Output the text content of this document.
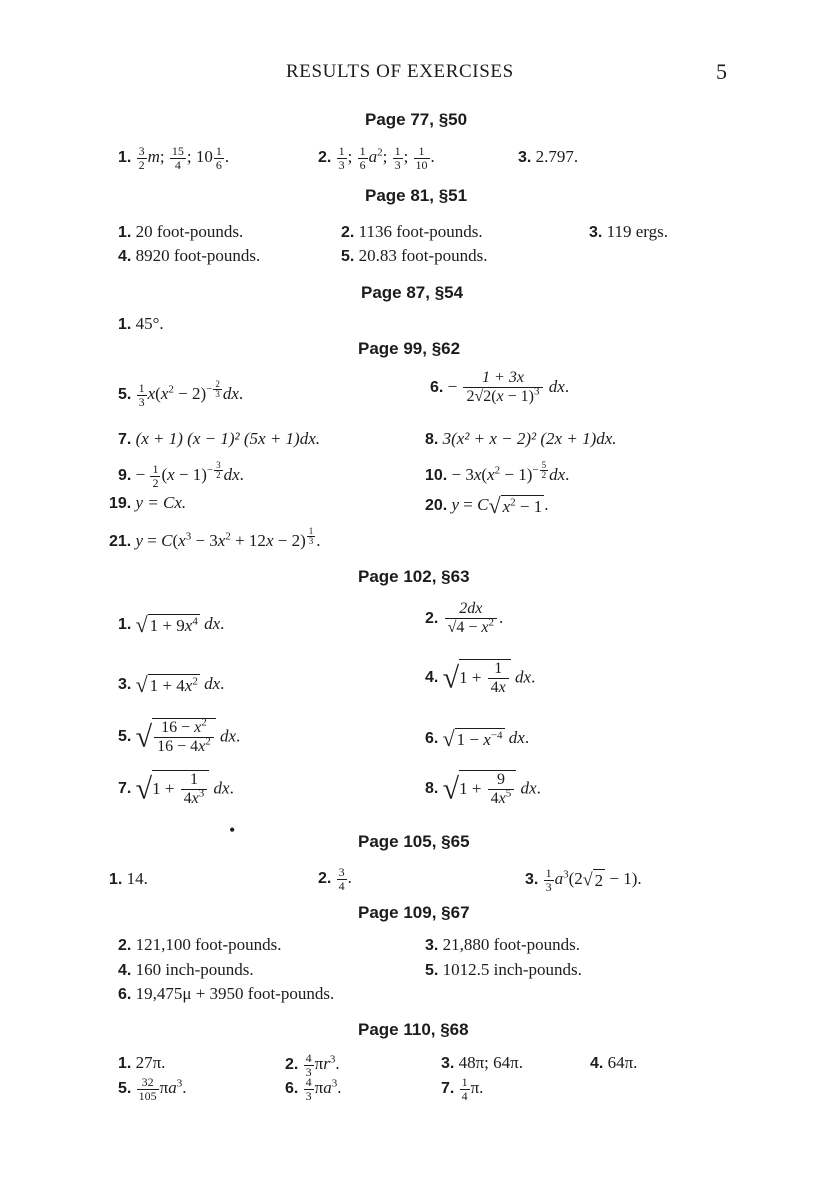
RESULTS OF EXERCISES	5
Page 77, §50
1. $\frac{3}{2} m$; $\frac{15}{4}$ ; $10 \frac{1}{6}$ .	2. $\frac{1}{3}$ ; $\frac{1}{6} a^2$; $\frac{1}{3}$ ; $\frac{1}{10}$ .	3. 2.797.
Page 81, §51
1. 20 foot-pounds.	2. 1136 foot-pounds.	3. 119 ergs.
4. 8920 foot-pounds.	5. 20.83 foot-pounds.
Page 87, §54
1. 45°.
Page 99, §62
5. $\frac{1}{3} x(x^2 - 2)^{- \frac{2}{3}}$ dx.	6. − $\frac{1 + 3x}{2√2(x - 1)^3}$ dx.
7. (x + 1) (x − 1)² (5x + 1)dx.	8. 3(x² + x − 2)² (2x + 1)dx.
9. − $\frac{1}{2} (x - 1)^{- \frac{3}{2}}$ dx.	10. − $3x(x^2 - 1)^{- \frac{5}{2}}$ dx.
19. y = Cx.	20. y = C√ $x^2 - 1$ .
21. $y = C(x^3 - 3x^2 + 12x - 2)$ $^{\frac{1}{3}}$ .
Page 102, §63
1. √ $1 + 9x^4$ dx.	2. $\frac{2dx}{√4 - x^2}$ .
3. √ $1 + 4x^2$ dx.	4. $√1 + \frac{1}{4x}$ dx.
5. √ $\frac{16 - x^2}{16 - 4x^2}$ dx.	6. √ $1 - x^{-4}$ dx.
7. $√1 + \frac{1}{4x^3}$ dx.	8. $√1 + \frac{9}{4x^5}$ dx.
•
Page 105, §65
1. 14.	2. $\frac{3}{4}$ .	3. $\frac{1}{3} a^3(2√$ 2 − 1).
Page 109, §67
2. 121,100 foot-pounds.	3. 21,880 foot-pounds.
4. 160 inch-pounds.	5. 1012.5 inch-pounds.
6. 19,475μ + 3950 foot-pounds.
Page 110, §68
1. 27π.	2. $\frac{4}{3} \pi r^3$.	3. 48π; 64π.	4. 64π.
5. $\frac{32}{105} \pi a^3$.	6. $\frac{4}{3} \pi a^3$.	7. $\frac{1}{4} \pi$.
